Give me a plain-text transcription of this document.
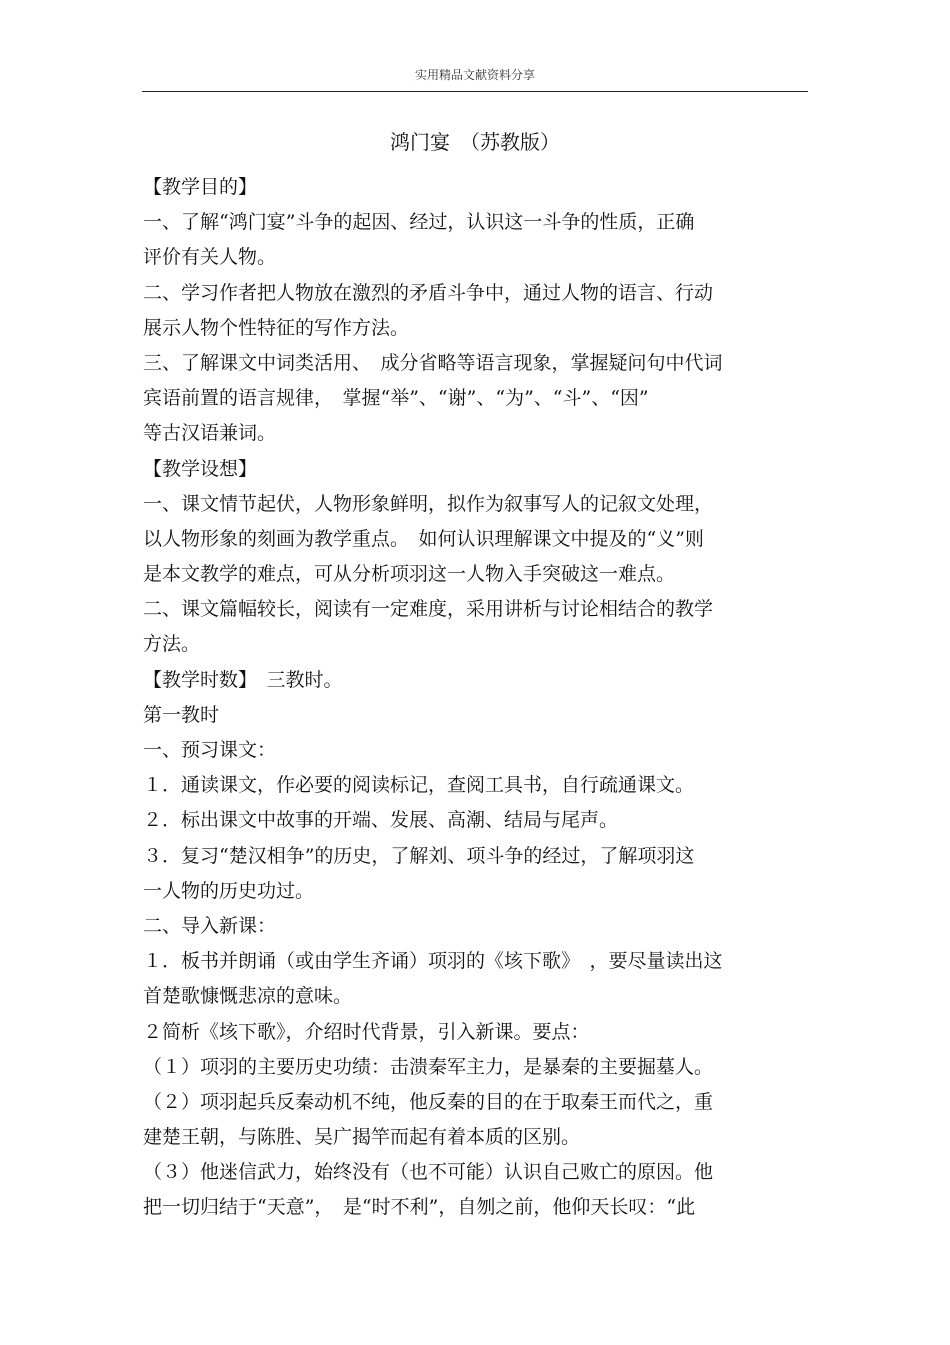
实用精品文献资料分享
鸿门宴　（苏教版）
【教学目的】
一、了解“鸿门宴”斗争的起因、经过，认识这一斗争的性质，正确
评价有关人物。
二、学习作者把人物放在激烈的矛盾斗争中，通过人物的语言、行动
展示人物个性特征的写作方法。
三、了解课文中词类活用、　成分省略等语言现象，掌握疑问句中代词
宾语前置的语言规律，　掌握“举”、“谢”、“为”、“斗”、“因”
等古汉语兼词。
【教学设想】
一、课文情节起伏，人物形象鲜明，拟作为叙事写人的记叙文处理，
以人物形象的刻画为教学重点。　如何认识理解课文中提及的“义”则
是本文教学的难点，可从分析项羽这一人物入手突破这一难点。
二、课文篇幅较长，阅读有一定难度，采用讲析与讨论相结合的教学
方法。
【教学时数】　三教时。
第一教时
一、预习课文：
１．通读课文，作必要的阅读标记，查阅工具书，自行疏通课文。
２．标出课文中故事的开端、发展、高潮、结局与尾声。
３．复习“楚汉相争”的历史，了解刘、项斗争的经过，了解项羽这
一人物的历史功过。
二、导入新课：
１．板书并朗诵（或由学生齐诵）项羽的《垓下歌》　，要尽量读出这
首楚歌慷慨悲凉的意味。
２简析《垓下歌》，介绍时代背景，引入新课。要点：
（１）项羽的主要历史功绩：击溃秦军主力，是暴秦的主要掘墓人。
（２）项羽起兵反秦动机不纯，他反秦的目的在于取秦王而代之，重
建楚王朝，与陈胜、吴广揭竿而起有着本质的区别。
（３）他迷信武力，始终没有（也不可能）认识自己败亡的原因。他
把一切归结于“天意”，　是“时不利”，自刎之前，他仰天长叹：“此
